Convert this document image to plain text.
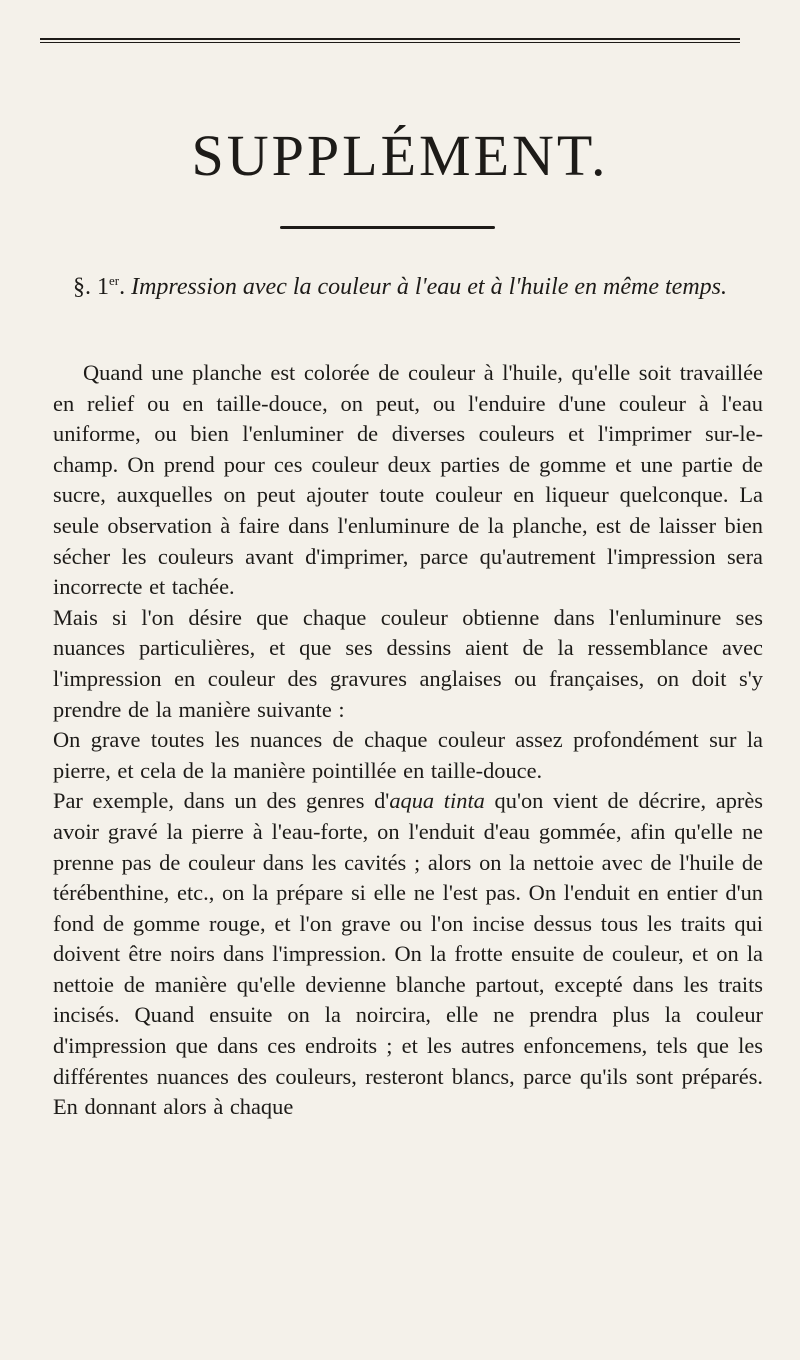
SUPPLÉMENT.
§. 1er. Impression avec la couleur à l'eau et à l'huile en même temps.

Quand une planche est colorée de couleur à l'huile, qu'elle soit travaillée en relief ou en taille-douce, on peut, ou l'enduire d'une couleur à l'eau uniforme, ou bien l'enluminer de diverses couleurs et l'imprimer sur-le-champ. On prend pour ces couleur deux parties de gomme et une partie de sucre, auxquelles on peut ajouter toute couleur en liqueur quelconque. La seule observation à faire dans l'enluminure de la planche, est de laisser bien sécher les couleurs avant d'imprimer, parce qu'autrement l'impression sera incorrecte et tachée.

Mais si l'on désire que chaque couleur obtienne dans l'enluminure ses nuances particulières, et que ses dessins aient de la ressemblance avec l'impression en couleur des gravures anglaises ou françaises, on doit s'y prendre de la manière suivante :

On grave toutes les nuances de chaque couleur assez profondément sur la pierre, et cela de la manière pointillée en taille-douce.

Par exemple, dans un des genres d'aqua tinta qu'on vient de décrire, après avoir gravé la pierre à l'eau-forte, on l'enduit d'eau gommée, afin qu'elle ne prenne pas de couleur dans les cavités ; alors on la nettoie avec de l'huile de térébenthine, etc., on la prépare si elle ne l'est pas. On l'enduit en entier d'un fond de gomme rouge, et l'on grave ou l'on incise dessus tous les traits qui doivent être noirs dans l'impression. On la frotte ensuite de couleur, et on la nettoie de manière qu'elle devienne blanche partout, excepté dans les traits incisés. Quand ensuite on la noircira, elle ne prendra plus la couleur d'impression que dans ces endroits ; et les autres enfoncemens, tels que les différentes nuances des couleurs, resteront blancs, parce qu'ils sont préparés. En donnant alors à chaque
